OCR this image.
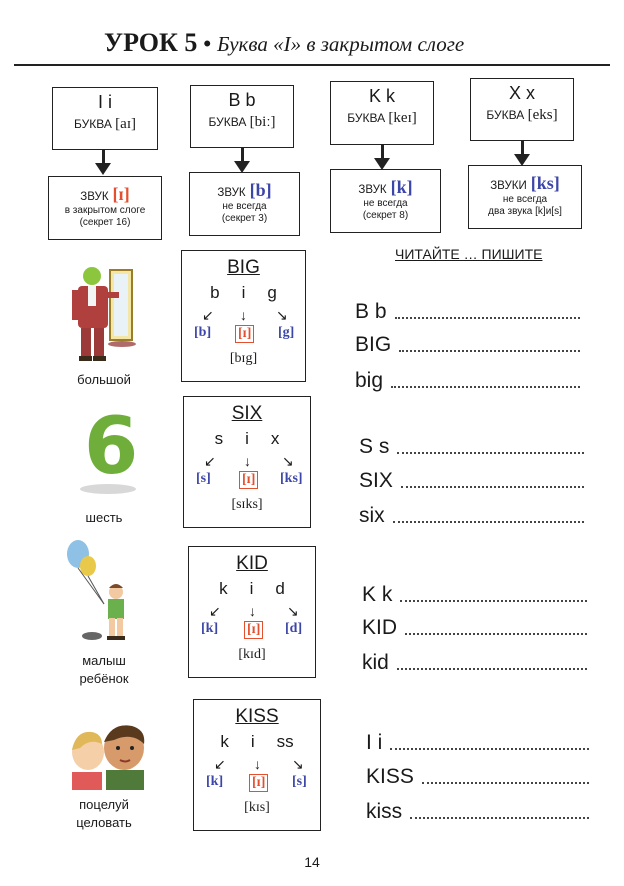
УРОК 5 • Буква «I» в закрытом слоге
I i
БУКВА [aɪ]
B b
БУКВА [biː]
K k
БУКВА [keɪ]
X x
БУКВА [eks]
ЗВУК [ɪ]
в закрытом слоге
(секрет 16)
ЗВУК [b]
не всегда
(секрет 3)
ЗВУК [k]
не всегда
(секрет 8)
ЗВУКИ [ks]
не всегда
два звука [k]и[s]
ЧИТАЙТЕ … ПИШИТЕ
большой
6
шесть
малыш
ребёнок
поцелуй
целовать
BIG
b i g
↙ ↓ ↘
[b] [ɪ] [g]
[bɪg]
SIX
s i x
↙ ↓ ↘
[s] [ɪ] [ks]
[sɪks]
KID
k i d
↙ ↓ ↘
[k] [ɪ] [d]
[kɪd]
KISS
k i ss
↙ ↓ ↘
[k] [ɪ] [s]
[kɪs]
B b
BIG
big
S s
SIX
six
K k
KID
kid
I i
KISS
kiss
14
